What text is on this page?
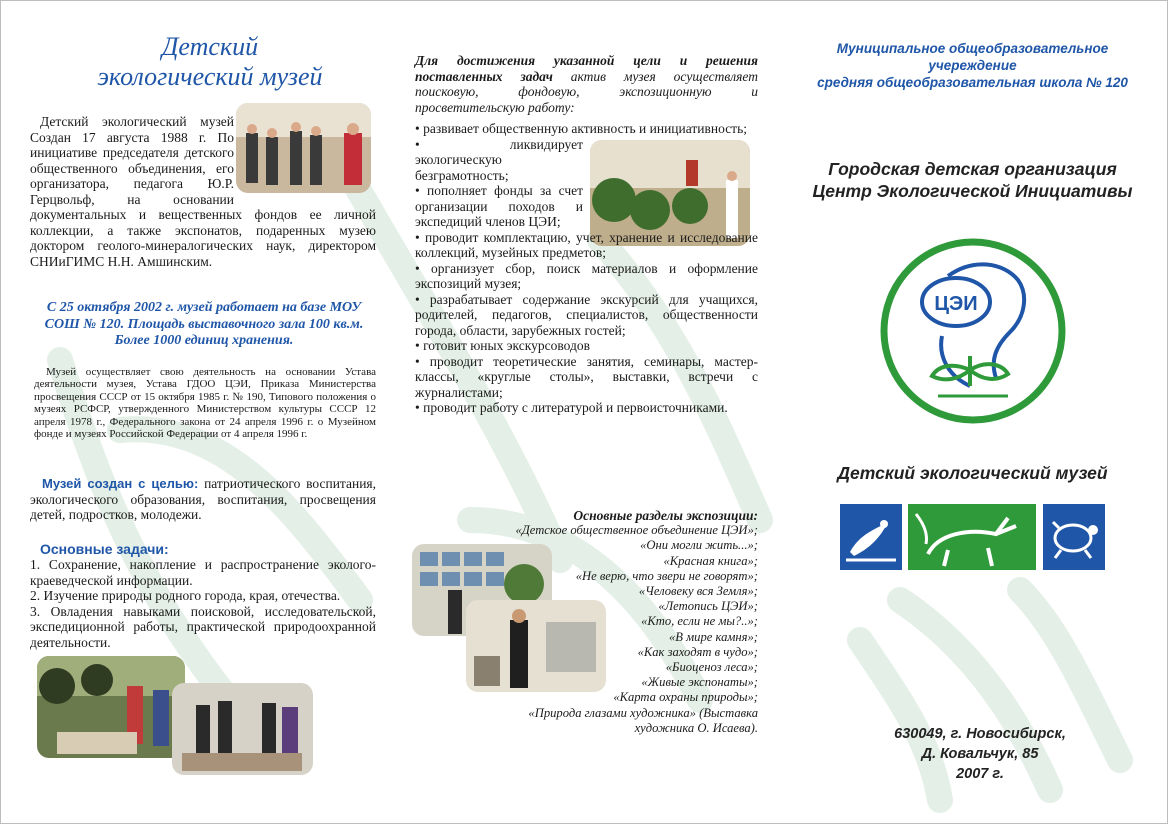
Детский
экологический музей

Детский экологический музей Создан 17 августа 1988 г. По инициативе председателя детского общественного объединения, его организатора, педагога Ю.Р. Герцвольф, на основании документальных и вещественных фондов ее личной коллекции, а также экспонатов, подаренных музею доктором геолого-минералогических наук, директором СНИиГИМС Н.Н. Амшинским.

С 25 октября 2002 г. музей работает на базе МОУ СОШ № 120. Площадь выставочного зала 100 кв.м. Более 1000 единиц хранения.

Музей осуществляет свою деятельность на основании Устава деятельности музея, Устава ГДОО ЦЭИ, Приказа Министерства просвещения СССР от 15 октября 1985 г. № 190, Типового положения о музеях РСФСР, утвержденного Министерством культуры СССР 12 апреля 1978 г., Федерального закона от 24 апреля 1996 г. о Музейном фонде и музеях Российской Федерации от 4 апреля 1996 г.

Музей создан с целью: патриотического воспитания, экологического образования, воспитания, просвещения детей, подростков, молодежи.

Основные задачи:

1. Сохранение, накопление и распространение эколого-краеведческой информации.

2. Изучение природы родного города, края, отечества.

3. Овладения навыками поисковой, исследовательской, экспедиционной работы, практической природоохранной деятельности.

Для достижения указанной цели и решения поставленных задач актив музея осуществляет поисковую, фондовую, экспозиционную и просветительскую работу:

• развивает общественную активность и инициативность;
• ликвидирует экологическую безграмотность;
• пополняет фонды за счет организации походов и экспедиций членов ЦЭИ;
• проводит комплектацию, учет, хранение и исследование коллекций, музейных предметов;
• организует сбор, поиск материалов и оформление экспозиций музея;
• разрабатывает содержание экскурсий для учащихся, родителей, педагогов, специалистов, общественности города, области, зарубежных гостей;
• готовит юных экскурсоводов
• проводит теоретические занятия, семинары, мастер-классы, «круглые столы», выставки, встречи с журналистами;
• проводит работу с литературой и первоисточниками.
Основные разделы экспозиции:
«Детское общественное объединение ЦЭИ»;
«Они могли жить...»;
«Красная книга»;
«Не верю, что звери не говорят»;
«Человеку вся Земля»;
«Летопись ЦЭИ»;
«Кто, если не мы?..»;
«В мире камня»;
«Как заходят в чудо»;
«Биоценоз леса»;
«Живые экспонаты»;
«Карта охраны природы»;
«Природа глазами художника» (Выставка художника О. Исаева).
Муниципальное общеобразовательное учереждение
средняя общеобразовательная школа № 120
Городская детская организация
Центр Экологической Инициативы
ЦЭИ
Детский экологический музей
630049, г. Новосибирск,
Д. Ковальчук, 85
2007 г.
